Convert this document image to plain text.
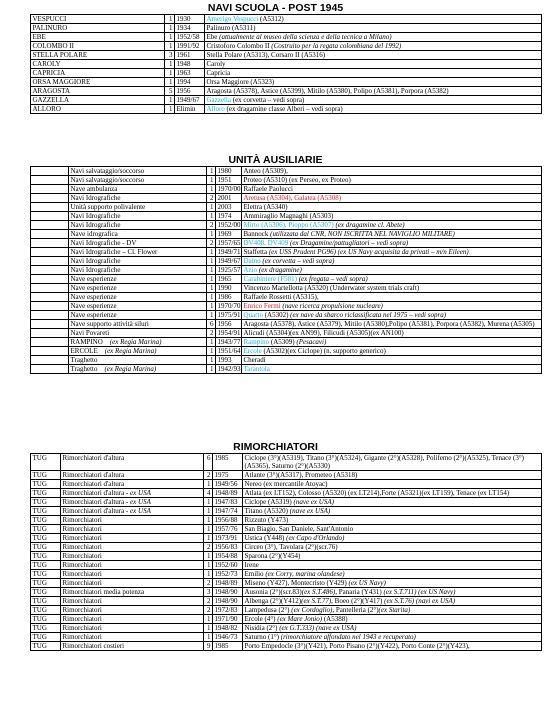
NAVI SCUOLA - POST 1945
VESPUCCI	1	1930	Amerigo Vespucci (A5312)
PALINURO	1	1934	Palinuro (A5311)
EBE	1	1952/58	Ebe (attualmente al museo della scienza e della tecnica a Milano)
COLOMBO II	1	1991/92	Cristoforo Colombo II (Costruito per la regata colombiana del 1992)
STELLA POLARE	3	1961	Stella Polare (A5313), Corsaro II (A5316)
CAROLY	1	1948	Caroly
CAPRICIA	1	1963	Capricia
ORSA MAGGIORE	1	1994	Orsa Maggiore (A5323)
ARAGOSTA	5	1956	Aragosta (A5378), Astice (A5399), Mitilo (A5380), Polipo (A5381), Porpora (A5382)
GAZZELLA	1	1949/67	Gazzella (ex corvetta – vedi sopra)
ALLORO	1	Elimin	Alloro (ex dragamine classe Alberi – vedi sopra)
UNITÀ AUSILIARIE
	Navi salvataggio/soccorso	1	1980	Anteo (A5309),
	Navi salvataggio/soccorso	1	1951	Proteo (A5310) (ex Perseo, ex Proteo)
	Nave ambulanza	1	1970/00	Raffaele Paolucci
	Navi Idrografiche	2	2001	Aretusa (A5304), Galatea (A5308)
	Unità supporto polivalente	1	2003	Elettra (A5340)
	Navi Idrografiche	1	1974	Ammiraglio Magnaghi (A5303)
	Navi Idrografiche	2	1952/00	Mirto (A5306), Pioppo (A5307) (ex dragamine cl. Abete)
	Nave idrografica	1	1969	Bannock (utilizzata dal CNR, NON ISCRITTA NEL NAVIGLIO MILITARE)
	Navi Idrografiche - DV	2	1957/65	DV408, DV409 (ex Dragamine/pattugliatori – vedi sopra)
	Navi Idrografiche – Cl. Flower	1	1949/71	Staffetta (ex USS Prudent PG96) (ex US Navy acquisita da privati – m/n Eileen)
	Navi Idrografiche	1	1949/67	Daino (ex corvetta – vedi sopra)
	Navi Idrografiche	1	1925/57	Azio (ex dragamine)
	Nave esperienze	1	1965	Carabiniere (F581) (ex fregata – vedi sopra)
	Nave esperienze	1	1990	Vincenzo Martellotta (A5320) (Underwater system trials craft)
	Nave esperienze	1	1986	Raffaele Rossetti (A5315),
	Nave esperienze	1	1970/70	Enrico Fermi (nave ricerca propulsione nucleare)
	Nave esperienze	1	1975/91	Quarto (A5302) (ex nave da sbarco riclassificata nel 1975 – vedi sopra)
	Nave supporto attività siluri	6	1956	Aragosta (A5378), Astice (A5379), Mitilo (A5380),Polipo (A5381), Porpora (A5382), Murena (A5305)
	Navi Povareti	2	1954/91	Alicudi (A5304)(ex AN99), Filicudi (A5305)(ex AN100)
	RAMPINO (ex Regia Marina)	1	1943/77	Rampino (A5309) (Pesacavi)
	ERCOLE (ex Regia Marina)	1	1951/64	Ercole (A5302)(ex Ciclope) (n. supporto generico)
	Traghetto	1	1993	Cheradi
	Traghetto (ex Regia Marina)	1	1942/93	Tarantola
RIMORCHIATORI
TUG	Rimorchiatori d'altura	6	1985	Ciclope (3°)(A5319), Titano (3°)(A5324), Gigante (2°)(A5328), Polifemo (2°)(A5325), Tenace (3°)(A5365), Saturno (2°)(A5330)
TUG	Rimorchiatori d'altura	2	1975	Atlante (3°)(A5317), Prometeo (A5318)
TUG	Rimorchiatori d'altura	1	1949/56	Nereo (ex mercantile Atoyac)
TUG	Rimorchiatori d'altura - ex USA	4	1948/89	Atlata (ex LT152), Colosso (A5320) (ex LT214),Forte (A5321)(ex LT159), Tenace (ex LT154)
TUG	Rimorchiatori d'altura - ex USA	1	1947/83	Ciclope (A5319) (nave ex USA)
TUG	Rimorchiatori d'altura - ex USA	1	1947/74	Titano (A5320) (nave ex USA)
TUG	Rimorchiatori	1	1956/88	Rizzuto (Y473)
TUG	Rimorchiatori	1	1957/76	San Biagio, San Daniele, Sant'Antonio
TUG	Rimorchiatori	1	1973/91	Ustica (Y448) (ex Capo d'Orlando)
TUG	Rimorchiatori	2	1956/83	Circeo (3°), Tavolara (2°)(scr.76)
TUG	Rimorchiatori	1	1954/88	Sparona (2°)(Y454)
TUG	Rimorchiatori	1	1952/60	Irene
TUG	Rimorchiatori	1	1952/73	Emilio (ex Corry, marina olandese)
TUG	Rimorchiatori	2	1948/89	Miseno (Y427), Montecristo (Y429) (ex US Navy)
TUG	Rimorchiatori media potenza	3	1948/90	Ausonia (2°)(scr.83)(ex S.T.486), Panaria (Y431) (ex S.T.711) (ex US Navy)
TUG	Rimorchiatori	2	1948/90	Albenga (2°)(Y412)(ex S.T.77), Boeo (2°)(Y417) (ex S.T.76) (navi ex USA)
TUG	Rimorchiatori	2	1972/83	Lampedusa (2°) (ex Cordoglio), Pantelleria (2°)(ex Starita)
TUG	Rimorchiatori	1	1971/90	Ercole (4°) (ex Mare Jonio) (A5388)
TUG	Rimorchiatori	1	1948/82	Nisidia (2°) (ex G.T.333) (nave ex USA)
TUG	Rimorchiatori	1	1946/73	Saturno (1°) (rimorchiatore affondato nel 1943 e recuperato)
TUG	Rimorchiatori costieri	9	1985	Porto Empedocle (3°)(Y421), Porto Pisano (2°)(Y422), Porto Conte (2°)(Y423),
